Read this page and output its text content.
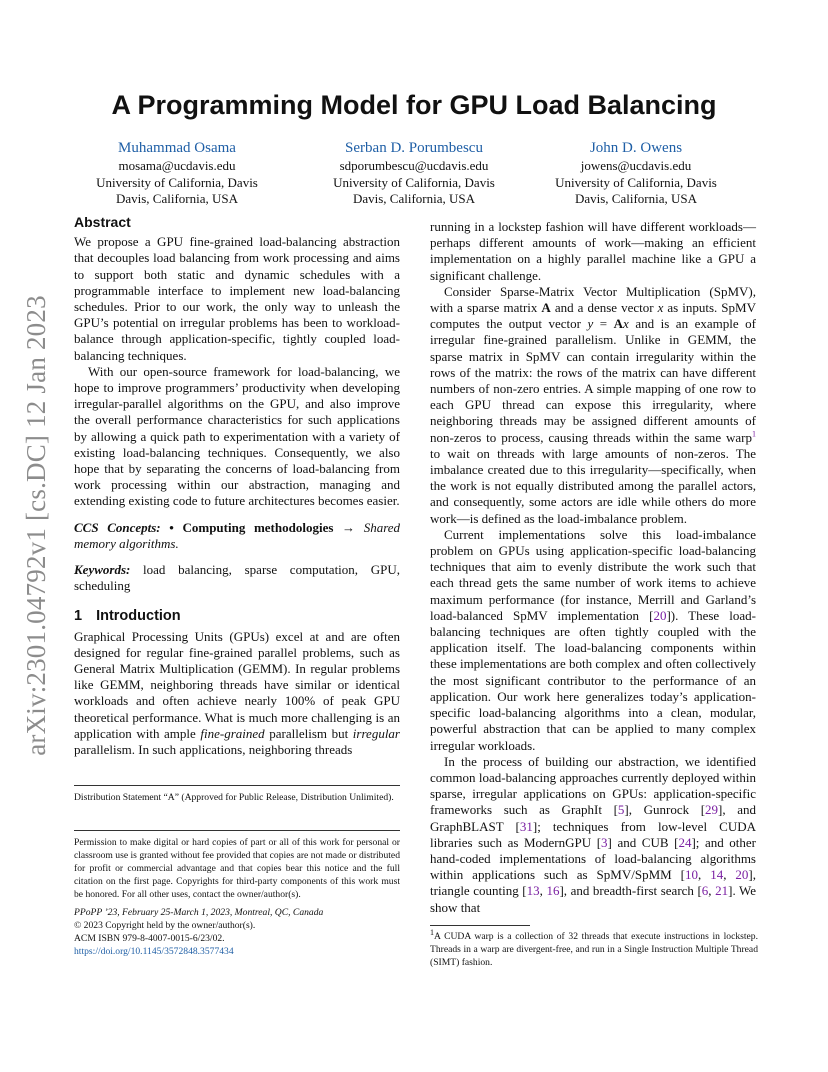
arXiv:2301.04792v1 [cs.DC] 12 Jan 2023
A Programming Model for GPU Load Balancing
Muhammad Osama
mosama@ucdavis.edu
University of California, Davis
Davis, California, USA
Serban D. Porumbescu
sdporumbescu@ucdavis.edu
University of California, Davis
Davis, California, USA
John D. Owens
jowens@ucdavis.edu
University of California, Davis
Davis, California, USA
Abstract

We propose a GPU fine-grained load-balancing abstraction that decouples load balancing from work processing and aims to support both static and dynamic schedules with a programmable interface to implement new load-balancing schedules. Prior to our work, the only way to unleash the GPU’s potential on irregular problems has been to workload-balance through application-specific, tightly coupled load-balancing techniques.

With our open-source framework for load-balancing, we hope to improve programmers’ productivity when developing irregular-parallel algorithms on the GPU, and also improve the overall performance characteristics for such applications by allowing a quick path to experimentation with a variety of existing load-balancing techniques. Consequently, we also hope that by separating the concerns of load-balancing from work processing within our abstraction, managing and extending existing code to future architectures becomes easier.

CCS Concepts: • Computing methodologies → Shared memory algorithms.

Keywords: load balancing, sparse computation, GPU, scheduling

1 Introduction

Graphical Processing Units (GPUs) excel at and are often designed for regular fine-grained parallel problems, such as General Matrix Multiplication (GEMM). In regular problems like GEMM, neighboring threads have similar or identical workloads and often achieve nearly 100% of peak GPU theoretical performance. What is much more challenging is an application with ample fine-grained parallelism but irregular parallelism. In such applications, neighboring threads

Distribution Statement “A” (Approved for Public Release, Distribution Unlimited).

Permission to make digital or hard copies of part or all of this work for personal or classroom use is granted without fee provided that copies are not made or distributed for profit or commercial advantage and that copies bear this notice and the full citation on the first page. Copyrights for third-party components of this work must be honored. For all other uses, contact the owner/author(s).

PPoPP ’23, February 25-March 1, 2023, Montreal, QC, Canada

© 2023 Copyright held by the owner/author(s).

ACM ISBN 979-8-4007-0015-6/23/02.

https://doi.org/10.1145/3572848.3577434

running in a lockstep fashion will have different workloads—perhaps different amounts of work—making an efficient implementation on a highly parallel machine like a GPU a significant challenge.

Consider Sparse-Matrix Vector Multiplication (SpMV), with a sparse matrix A and a dense vector x as inputs. SpMV computes the output vector y = Ax and is an example of irregular fine-grained parallelism. Unlike in GEMM, the sparse matrix in SpMV can contain irregularity within the rows of the matrix: the rows of the matrix can have different numbers of non-zero entries. A simple mapping of one row to each GPU thread can expose this irregularity, where neighboring threads may be assigned different amounts of non-zeros to process, causing threads within the same warp$^1$ to wait on threads with large amounts of non-zeros. The imbalance created due to this irregularity—specifically, when the work is not equally distributed among the parallel actors, and consequently, some actors are idle while others do more work—is defined as the load-imbalance problem.

Current implementations solve this load-imbalance problem on GPUs using application-specific load-balancing techniques that aim to evenly distribute the work such that each thread gets the same number of work items to achieve maximum performance (for instance, Merrill and Garland’s load-balanced SpMV implementation [20]). These load-balancing techniques are often tightly coupled with the application itself. The load-balancing components within these implementations are both complex and often collectively the most significant contributor to the performance of an application. Our work here generalizes today’s application-specific load-balancing algorithms into a clean, modular, powerful abstraction that can be applied to many complex irregular workloads.

In the process of building our abstraction, we identified common load-balancing approaches currently deployed within sparse, irregular applications on GPUs: application-specific frameworks such as GraphIt [5], Gunrock [29], and GraphBLAST [31]; techniques from low-level CUDA libraries such as ModernGPU [3] and CUB [24]; and other hand-coded implementations of load-balancing algorithms within applications such as SpMV/SpMM [10, 14, 20], triangle counting [13, 16], and breadth-first search [6, 21]. We show that

$^1$A CUDA warp is a collection of 32 threads that execute instructions in lockstep. Threads in a warp are divergent-free, and run in a Single Instruction Multiple Thread (SIMT) fashion.
